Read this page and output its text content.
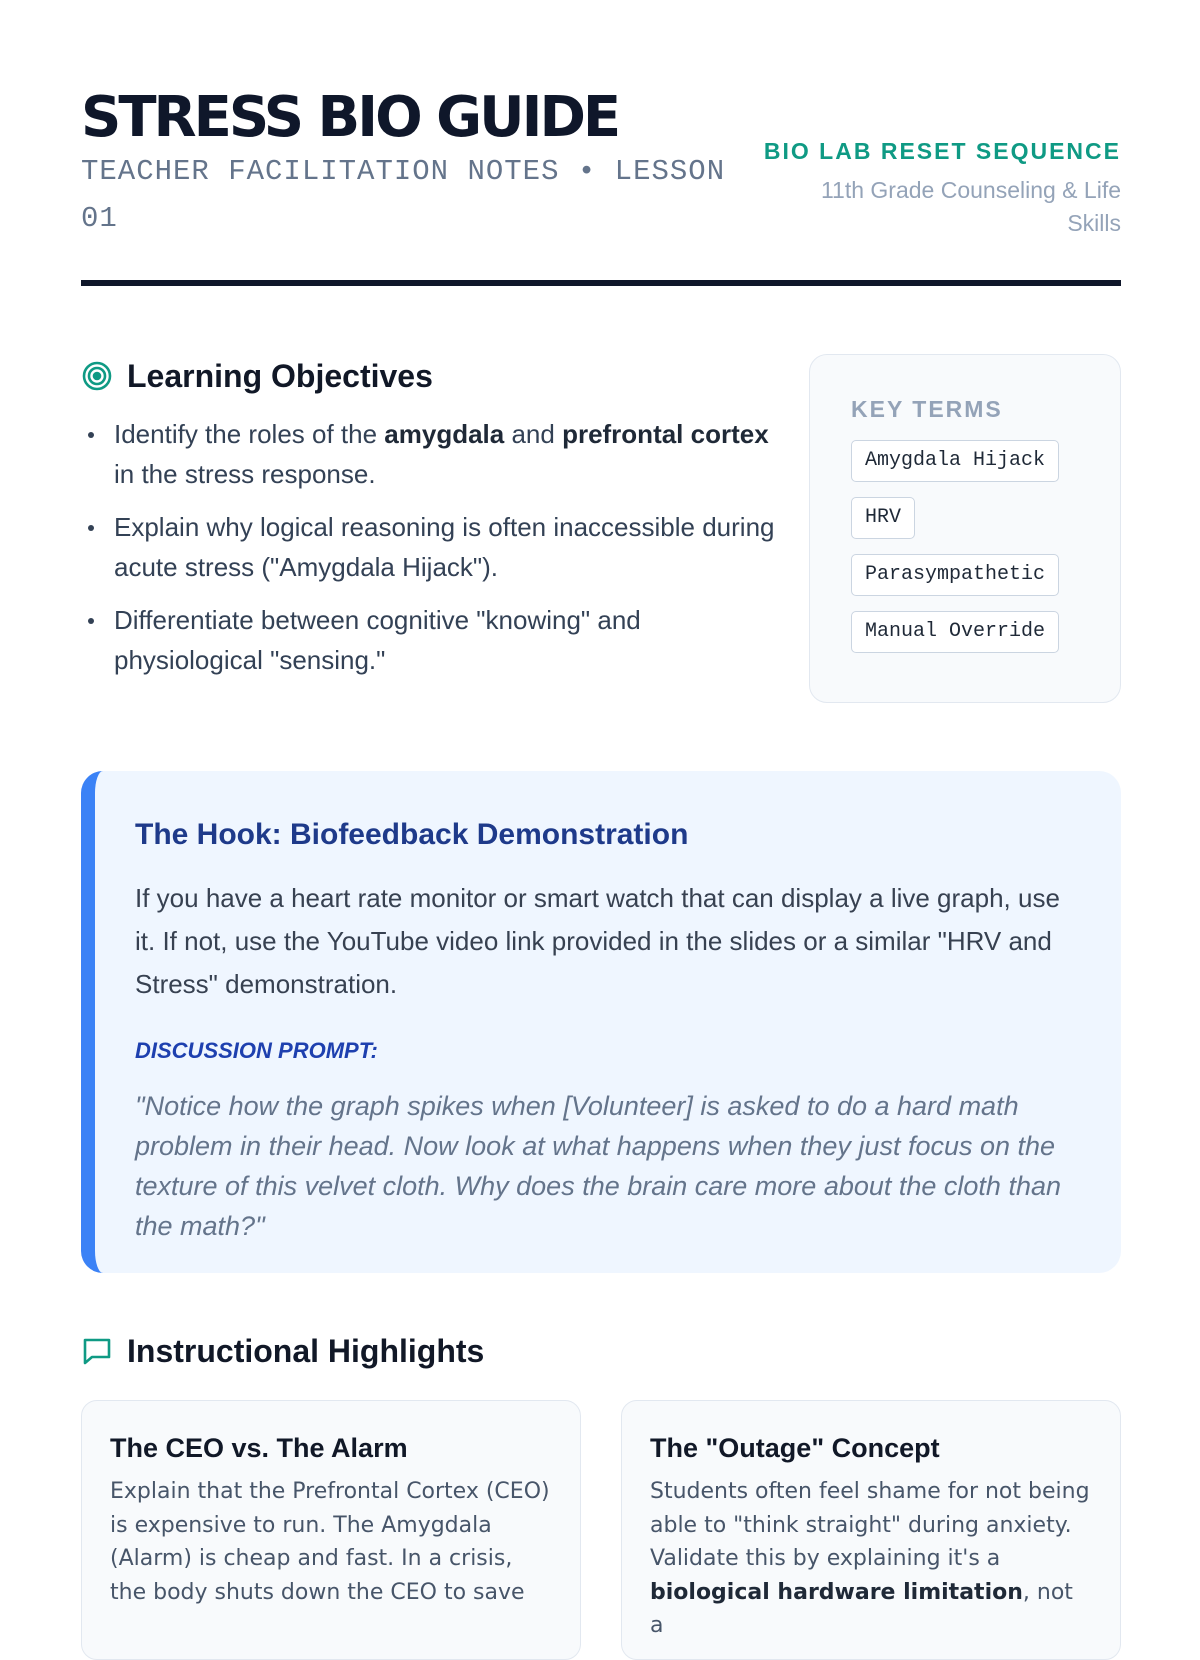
STRESS BIO GUIDE
TEACHER FACILITATION NOTES • LESSON 01
BIO LAB RESET SEQUENCE
11th Grade Counseling & Life Skills
Learning Objectives
Identify the roles of the amygdala and prefrontal cortex in the stress response.
Explain why logical reasoning is often inaccessible during acute stress ("Amygdala Hijack").
Differentiate between cognitive "knowing" and physiological "sensing."
KEY TERMS
Amygdala Hijack
HRV
Parasympathetic
Manual Override
The Hook: Biofeedback Demonstration

If you have a heart rate monitor or smart watch that can display a live graph, use it. If not, use the YouTube video link provided in the slides or a similar "HRV and Stress" demonstration.

DISCUSSION PROMPT:

"Notice how the graph spikes when [Volunteer] is asked to do a hard math problem in their head. Now look at what happens when they just focus on the texture of this velvet cloth. Why does the brain care more about the cloth than the math?"

Instructional Highlights
The CEO vs. The Alarm

Explain that the Prefrontal Cortex (CEO) is expensive to run. The Amygdala (Alarm) is cheap and fast. In a crisis, the body shuts down the CEO to save

The "Outage" Concept

Students often feel shame for not being able to "think straight" during anxiety. Validate this by explaining it's a biological hardware limitation, not a
